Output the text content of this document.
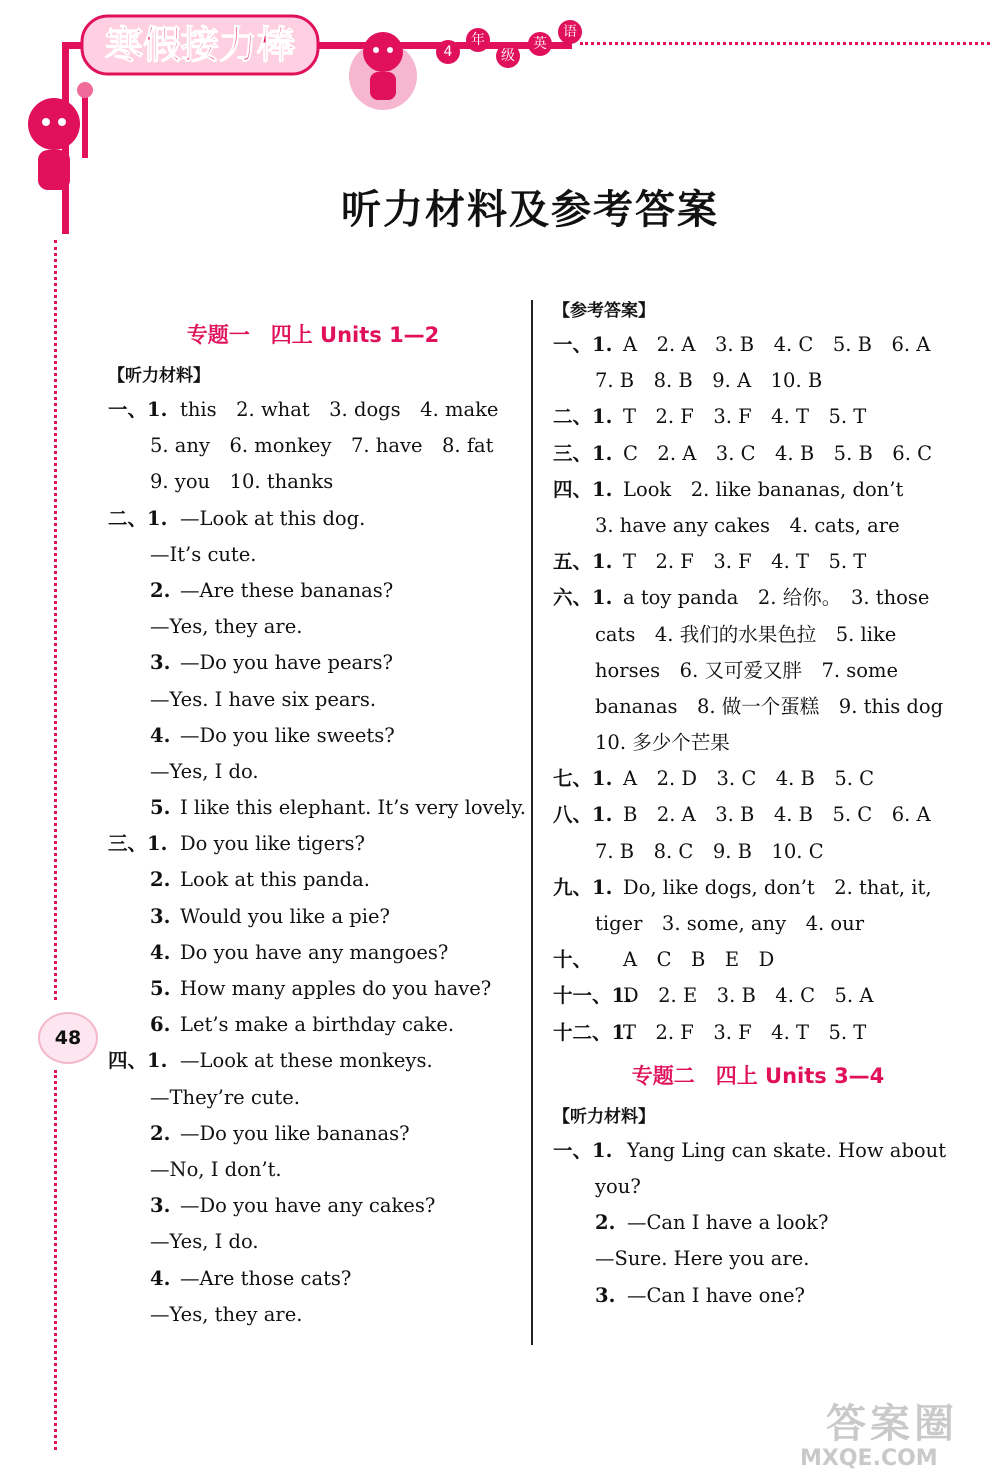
寒假接力棒	4
年
级
英
语
听力材料及参考答案
专题一　四上 Units 1—2
【听力材料】
一、1. this　2. what　3. dogs　4. make
5. any　6. monkey　7. have　8. fat
9. you　10. thanks
二、1. —Look at this dog.
—It’s cute.
2. —Are these bananas?
—Yes, they are.
3. —Do you have pears?
—Yes. I have six pears.
4. —Do you like sweets?
—Yes, I do.
5. I like this elephant. It’s very lovely.
三、1. Do you like tigers?
2. Look at this panda.
3. Would you like a pie?
4. Do you have any mangoes?
5. How many apples do you have?
6. Let’s make a birthday cake.
四、1. —Look at these monkeys.
—They’re cute.
2. —Do you like bananas?
—No, I don’t.
3. —Do you have any cakes?
—Yes, I do.
4. —Are those cats?
—Yes, they are.
【参考答案】
一、1. A　2. A　3. B　4. C　5. B　6. A
7. B　8. B　9. A　10. B
二、1. T　2. F　3. F　4. T　5. T
三、1. C　2. A　3. C　4. B　5. B　6. C
四、1. Look　2. like bananas, don’t
3. have any cakes　4. cats, are
五、1. T　2. F　3. F　4. T　5. T
六、1. a toy panda　2. 给你。　3. those
cats　4. 我们的水果色拉　5. like
horses　6. 又可爱又胖　7. some
bananas　8. 做一个蛋糕　9. this dog
10. 多少个芒果
七、1. A　2. D　3. C　4. B　5. C
八、1. B　2. A　3. B　4. B　5. C　6. A
7. B　8. C　9. B　10. C
九、1. Do, like dogs, don’t　2. that, it,
tiger　3. some, any　4. our
十、 A　C　B　E　D
十一、1.
D　2. E　3. B　4. C　5. A
十二、1.
T　2. F　3. F　4. T　5. T
专题二　四上 Units 3—4
【听力材料】
一、1. Yang Ling can skate. How about
you?
2. —Can I have a look?
—Sure. Here you are.
3. —Can I have one?
48
答案圈
MXQE.COM
